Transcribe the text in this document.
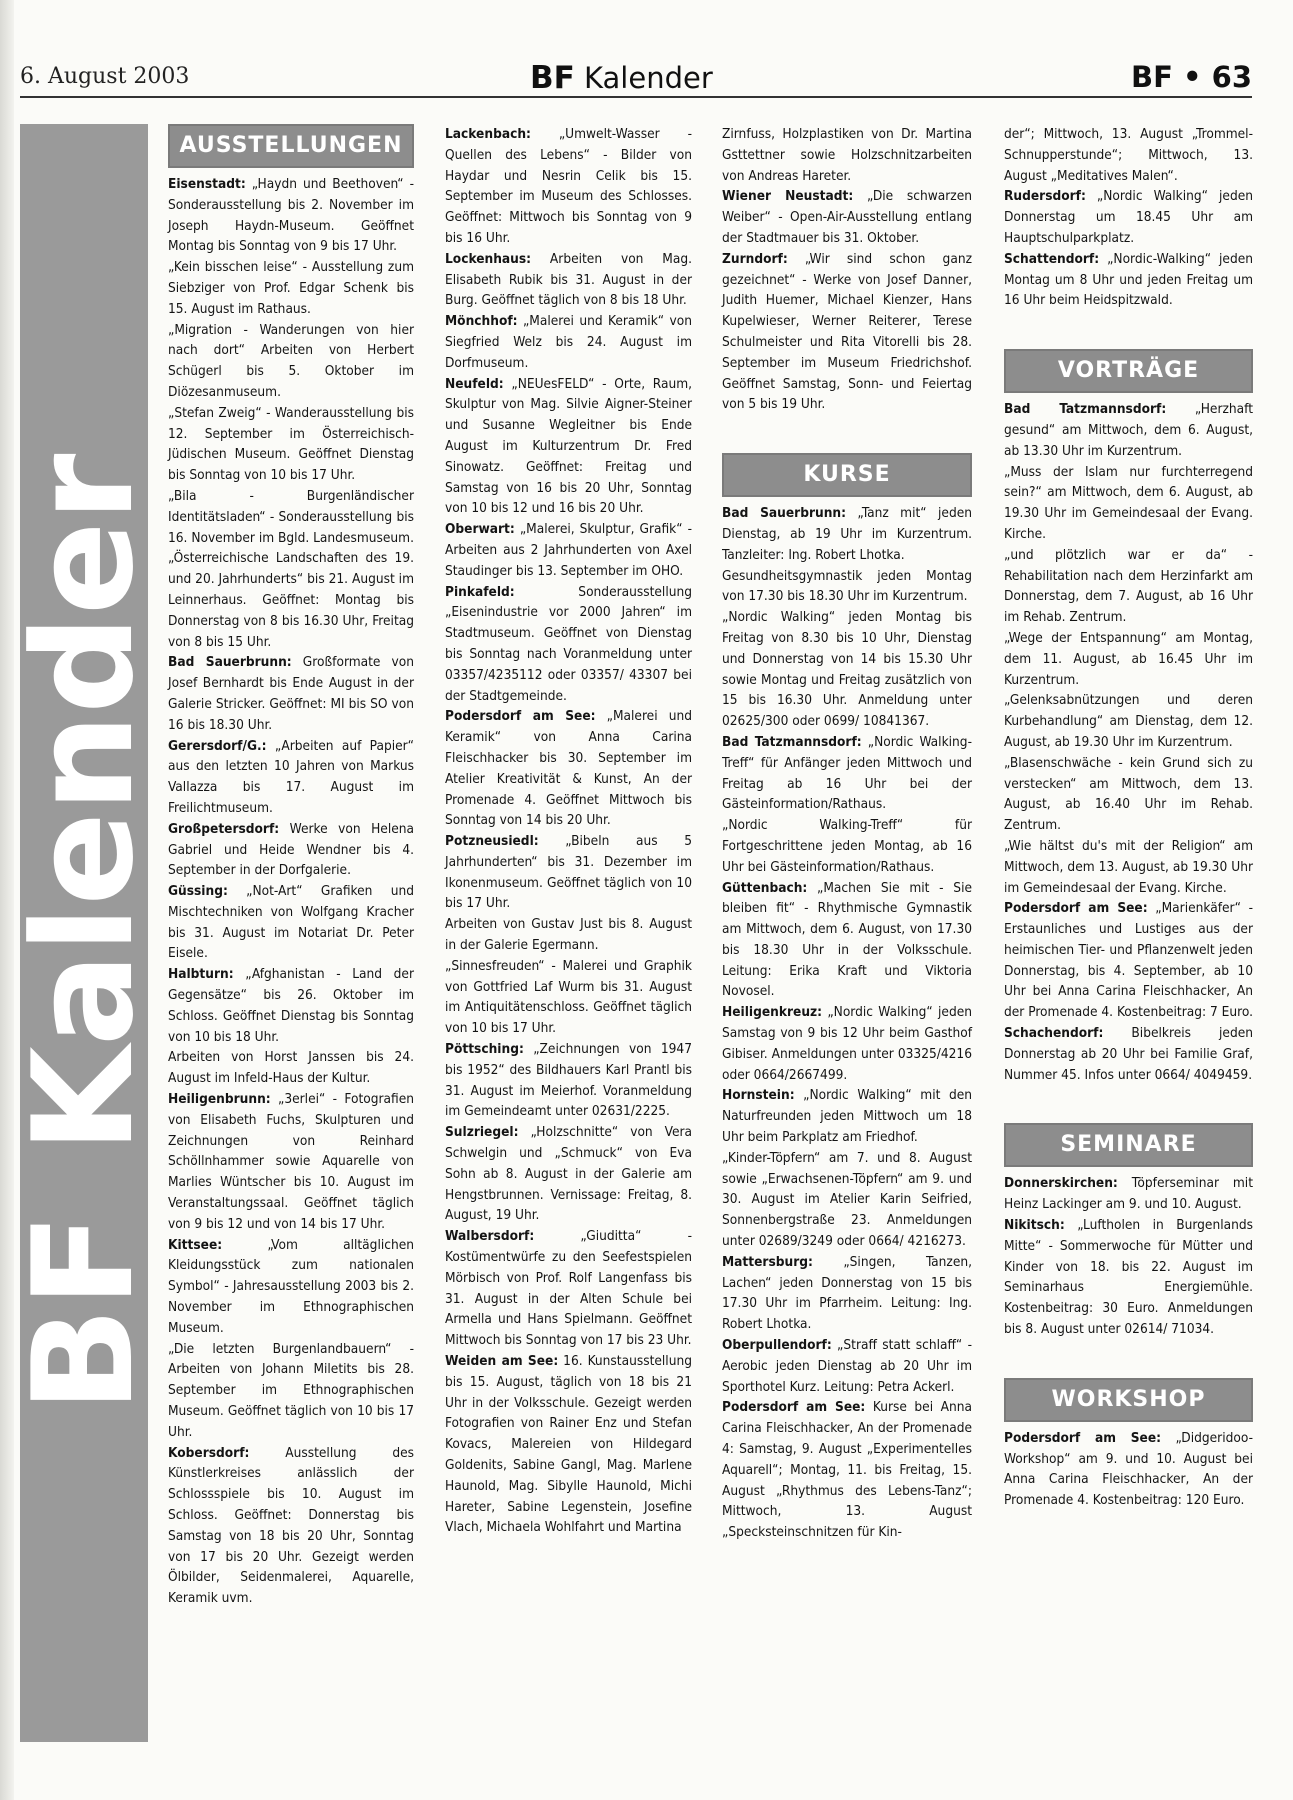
6. August 2003	BF Kalender	BF • 63
BFKalender
AUSSTELLUNGEN

Eisenstadt: „Haydn und Beethoven“ - Sonderausstellung bis 2. November im Joseph Haydn-Museum. Geöffnet Montag bis Sonntag von 9 bis 17 Uhr.

„Kein bisschen leise“ - Ausstellung zum Siebziger von Prof. Edgar Schenk bis 15. August im Rathaus.

„Migration - Wanderungen von hier nach dort“ Arbeiten von Herbert Schügerl bis 5. Oktober im Diözesanmuseum.

„Stefan Zweig“ - Wanderausstellung bis 12. September im Österreichisch-Jüdischen Museum. Geöffnet Dienstag bis Sonntag von 10 bis 17 Uhr.

„Bila - Burgenländischer Identitätsladen“ - Sonderausstellung bis 16. November im Bgld. Landesmuseum.

„Österreichische Landschaften des 19. und 20. Jahrhunderts“ bis 21. August im Leinnerhaus. Geöffnet: Montag bis Donnerstag von 8 bis 16.30 Uhr, Freitag von 8 bis 15 Uhr.

Bad Sauerbrunn: Großformate von Josef Bernhardt bis Ende August in der Galerie Stricker. Geöffnet: MI bis SO von 16 bis 18.30 Uhr.

Gerersdorf/G.: „Arbeiten auf Papier“ aus den letzten 10 Jahren von Markus Vallazza bis 17. August im Freilichtmuseum.

Großpetersdorf: Werke von Helena Gabriel und Heide Wendner bis 4. September in der Dorfgalerie.

Güssing: „Not-Art“ Grafiken und Mischtechniken von Wolfgang Kracher bis 31. August im Notariat Dr. Peter Eisele.

Halbturn: „Afghanistan - Land der Gegensätze“ bis 26. Oktober im Schloss. Geöffnet Dienstag bis Sonntag von 10 bis 18 Uhr.

Arbeiten von Horst Janssen bis 24. August im Infeld-Haus der Kultur.

Heiligenbrunn: „3erlei“ - Fotografien von Elisabeth Fuchs, Skulpturen und Zeichnungen von Reinhard Schöllnhammer sowie Aquarelle von Marlies Wüntscher bis 10. August im Veranstaltungssaal. Geöffnet täglich von 9 bis 12 und von 14 bis 17 Uhr.

Kittsee: „Vom alltäglichen Kleidungsstück zum nationalen Symbol“ - Jahresausstellung 2003 bis 2. November im Ethnographischen Museum.

„Die letzten Burgenlandbauern“ - Arbeiten von Johann Miletits bis 28. September im Ethnographischen Museum. Geöffnet täglich von 10 bis 17 Uhr.

Kobersdorf: Ausstellung des Künstlerkreises anlässlich der Schlossspiele bis 10. August im Schloss. Geöffnet: Donnerstag bis Samstag von 18 bis 20 Uhr, Sonntag von 17 bis 20 Uhr. Gezeigt werden Ölbilder, Seidenmalerei, Aquarelle, Keramik uvm.

Lackenbach: „Umwelt-Wasser - Quellen des Lebens“ - Bilder von Haydar und Nesrin Celik bis 15. September im Museum des Schlosses. Geöffnet: Mittwoch bis Sonntag von 9 bis 16 Uhr.

Lockenhaus: Arbeiten von Mag. Elisabeth Rubik bis 31. August in der Burg. Geöffnet täglich von 8 bis 18 Uhr.

Mönchhof: „Malerei und Keramik“ von Siegfried Welz bis 24. August im Dorfmuseum.

Neufeld: „NEUesFELD“ - Orte, Raum, Skulptur von Mag. Silvie Aigner-Steiner und Susanne Wegleitner bis Ende August im Kulturzentrum Dr. Fred Sinowatz. Geöffnet: Freitag und Samstag von 16 bis 20 Uhr, Sonntag von 10 bis 12 und 16 bis 20 Uhr.

Oberwart: „Malerei, Skulptur, Grafik“ - Arbeiten aus 2 Jahrhunderten von Axel Staudinger bis 13. September im OHO.

Pinkafeld: Sonderausstellung „Eisenindustrie vor 2000 Jahren“ im Stadtmuseum. Geöffnet von Dienstag bis Sonntag nach Voranmeldung unter 03357/4235112 oder 03357/ 43307 bei der Stadtgemeinde.

Podersdorf am See: „Malerei und Keramik“ von Anna Carina Fleischhacker bis 30. September im Atelier Kreativität & Kunst, An der Promenade 4. Geöffnet Mittwoch bis Sonntag von 14 bis 20 Uhr.

Potzneusiedl: „Bibeln aus 5 Jahrhunderten“ bis 31. Dezember im Ikonenmuseum. Geöffnet täglich von 10 bis 17 Uhr.

Arbeiten von Gustav Just bis 8. August in der Galerie Egermann.

„Sinnesfreuden“ - Malerei und Graphik von Gottfried Laf Wurm bis 31. August im Antiquitätenschloss. Geöffnet täglich von 10 bis 17 Uhr.

Pöttsching: „Zeichnungen von 1947 bis 1952“ des Bildhauers Karl Prantl bis 31. August im Meierhof. Voranmeldung im Gemeindeamt unter 02631/2225.

Sulzriegel: „Holzschnitte“ von Vera Schwelgin und „Schmuck“ von Eva Sohn ab 8. August in der Galerie am Hengstbrunnen. Vernissage: Freitag, 8. August, 19 Uhr.

Walbersdorf: „Giuditta“ - Kostümentwürfe zu den Seefestspielen Mörbisch von Prof. Rolf Langenfass bis 31. August in der Alten Schule bei Armella und Hans Spielmann. Geöffnet Mittwoch bis Sonntag von 17 bis 23 Uhr.

Weiden am See: 16. Kunstausstellung bis 15. August, täglich von 18 bis 21 Uhr in der Volksschule. Gezeigt werden Fotografien von Rainer Enz und Stefan Kovacs, Malereien von Hildegard Goldenits, Sabine Gangl, Mag. Marlene Haunold, Mag. Sibylle Haunold, Michi Hareter, Sabine Legenstein, Josefine Vlach, Michaela Wohlfahrt und Martina

Zirnfuss, Holzplastiken von Dr. Martina Gsttettner sowie Holzschnitzarbeiten von Andreas Hareter.

Wiener Neustadt: „Die schwarzen Weiber“ - Open-Air-Ausstellung entlang der Stadtmauer bis 31. Oktober.

Zurndorf: „Wir sind schon ganz gezeichnet“ - Werke von Josef Danner, Judith Huemer, Michael Kienzer, Hans Kupelwieser, Werner Reiterer, Terese Schulmeister und Rita Vitorelli bis 28. September im Museum Friedrichshof. Geöffnet Samstag, Sonn- und Feiertag von 5 bis 19 Uhr.

KURSE

Bad Sauerbrunn: „Tanz mit“ jeden Dienstag, ab 19 Uhr im Kurzentrum. Tanzleiter: Ing. Robert Lhotka.

Gesundheitsgymnastik jeden Montag von 17.30 bis 18.30 Uhr im Kurzentrum.

„Nordic Walking“ jeden Montag bis Freitag von 8.30 bis 10 Uhr, Dienstag und Donnerstag von 14 bis 15.30 Uhr sowie Montag und Freitag zusätzlich von 15 bis 16.30 Uhr. Anmeldung unter 02625/300 oder 0699/ 10841367.

Bad Tatzmannsdorf: „Nordic Walking-Treff“ für Anfänger jeden Mittwoch und Freitag ab 16 Uhr bei der Gästeinformation/Rathaus.

„Nordic Walking-Treff“ für Fortgeschrittene jeden Montag, ab 16 Uhr bei Gästeinformation/Rathaus.

Güttenbach: „Machen Sie mit - Sie bleiben fit“ - Rhythmische Gymnastik am Mittwoch, dem 6. August, von 17.30 bis 18.30 Uhr in der Volksschule. Leitung: Erika Kraft und Viktoria Novosel.

Heiligenkreuz: „Nordic Walking“ jeden Samstag von 9 bis 12 Uhr beim Gasthof Gibiser. Anmeldungen unter 03325/4216 oder 0664/2667499.

Hornstein: „Nordic Walking“ mit den Naturfreunden jeden Mittwoch um 18 Uhr beim Parkplatz am Friedhof.

„Kinder-Töpfern“ am 7. und 8. August sowie „Erwachsenen-Töpfern“ am 9. und 30. August im Atelier Karin Seifried, Sonnenbergstraße 23. Anmeldungen unter 02689/3249 oder 0664/ 4216273.

Mattersburg: „Singen, Tanzen, Lachen“ jeden Donnerstag von 15 bis 17.30 Uhr im Pfarrheim. Leitung: Ing. Robert Lhotka.

Oberpullendorf: „Straff statt schlaff“ - Aerobic jeden Dienstag ab 20 Uhr im Sporthotel Kurz. Leitung: Petra Ackerl.

Podersdorf am See: Kurse bei Anna Carina Fleischhacker, An der Promenade 4: Samstag, 9. August „Experimentelles Aquarell“; Montag, 11. bis Freitag, 15. August „Rhythmus des Lebens-Tanz“; Mittwoch, 13. August „Specksteinschnitzen für Kin-

der“; Mittwoch, 13. August „Trommel-Schnupperstunde“; Mittwoch, 13. August „Meditatives Malen“.

Rudersdorf: „Nordic Walking“ jeden Donnerstag um 18.45 Uhr am Hauptschulparkplatz.

Schattendorf: „Nordic-Walking“ jeden Montag um 8 Uhr und jeden Freitag um 16 Uhr beim Heidspitzwald.

VORTRÄGE

Bad Tatzmannsdorf: „Herzhaft gesund“ am Mittwoch, dem 6. August, ab 13.30 Uhr im Kurzentrum.

„Muss der Islam nur furchterregend sein?“ am Mittwoch, dem 6. August, ab 19.30 Uhr im Gemeindesaal der Evang. Kirche.

„und plötzlich war er da“ - Rehabilitation nach dem Herzinfarkt am Donnerstag, dem 7. August, ab 16 Uhr im Rehab. Zentrum.

„Wege der Entspannung“ am Montag, dem 11. August, ab 16.45 Uhr im Kurzentrum.

„Gelenksabnützungen und deren Kurbehandlung“ am Dienstag, dem 12. August, ab 19.30 Uhr im Kurzentrum.

„Blasenschwäche - kein Grund sich zu verstecken“ am Mittwoch, dem 13. August, ab 16.40 Uhr im Rehab. Zentrum.

„Wie hältst du's mit der Religion“ am Mittwoch, dem 13. August, ab 19.30 Uhr im Gemeindesaal der Evang. Kirche.

Podersdorf am See: „Marienkäfer“ - Erstaunliches und Lustiges aus der heimischen Tier- und Pflanzenwelt jeden Donnerstag, bis 4. September, ab 10 Uhr bei Anna Carina Fleischhacker, An der Promenade 4. Kostenbeitrag: 7 Euro.

Schachendorf: Bibelkreis jeden Donnerstag ab 20 Uhr bei Familie Graf, Nummer 45. Infos unter 0664/ 4049459.

SEMINARE

Donnerskirchen: Töpferseminar mit Heinz Lackinger am 9. und 10. August.

Nikitsch: „Luftholen in Burgenlands Mitte“ - Sommerwoche für Mütter und Kinder von 18. bis 22. August im Seminarhaus Energiemühle. Kostenbeitrag: 30 Euro. Anmeldungen bis 8. August unter 02614/ 71034.

WORKSHOP

Podersdorf am See: „Didgeridoo-Workshop“ am 9. und 10. August bei Anna Carina Fleischhacker, An der Promenade 4. Kostenbeitrag: 120 Euro.
